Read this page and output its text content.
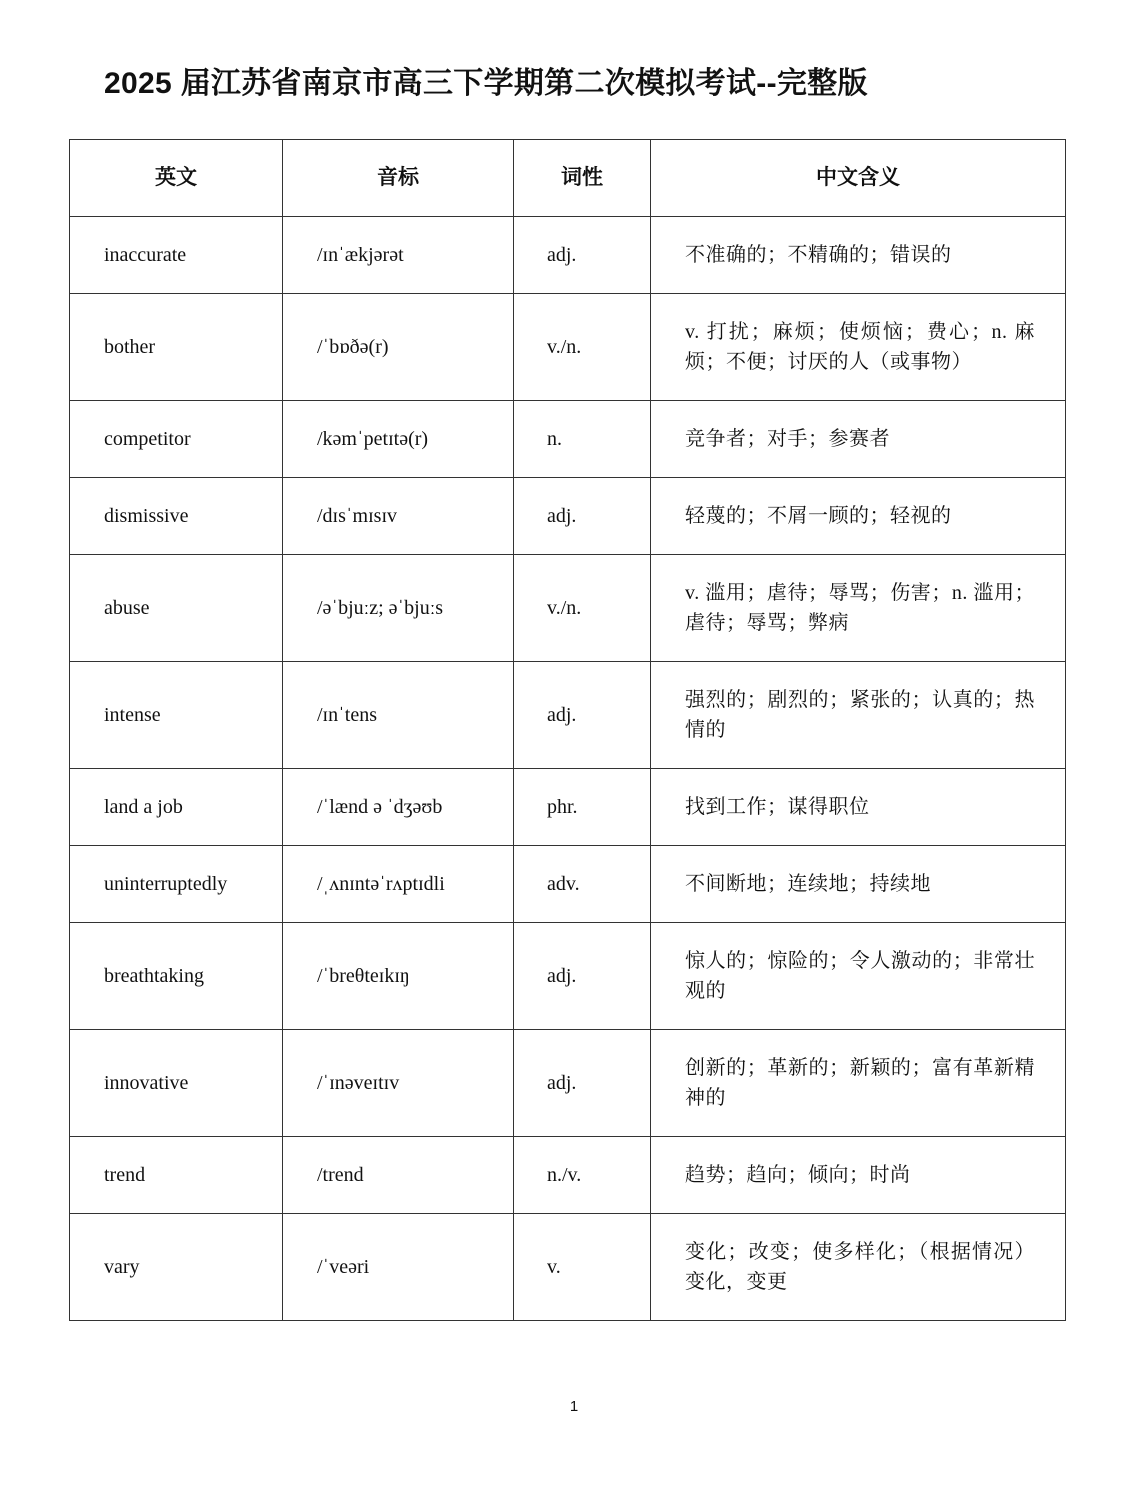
2025 届江苏省南京市高三下学期第二次模拟考试--完整版
英文	音标	词性	中文含义
inaccurate	/ɪnˈækjərət	adj.	不准确的；不精确的；错误的
bother	/ˈbɒðə(r)	v./n.	v. 打扰；麻烦；使烦恼；费心；n. 麻烦；不便；讨厌的人（或事物）
competitor	/kəmˈpetɪtə(r)	n.	竞争者；对手；参赛者
dismissive	/dɪsˈmɪsɪv	adj.	轻蔑的；不屑一顾的；轻视的
abuse	/əˈbjuːz; əˈbjuːs	v./n.	v. 滥用；虐待；辱骂；伤害；n. 滥用；虐待；辱骂；弊病
intense	/ɪnˈtens	adj.	强烈的；剧烈的；紧张的；认真的；热情的
land a job	/ˈlænd ə ˈdʒəʊb	phr.	找到工作；谋得职位
uninterruptedly	/ˌʌnɪntəˈrʌptɪdli	adv.	不间断地；连续地；持续地
breathtaking	/ˈbreθteɪkɪŋ	adj.	惊人的；惊险的；令人激动的；非常壮观的
innovative	/ˈɪnəveɪtɪv	adj.	创新的；革新的；新颖的；富有革新精神的
trend	/trend	n./v.	趋势；趋向；倾向；时尚
vary	/ˈveəri	v.	变化；改变；使多样化；（根据情况）变化，变更
1
